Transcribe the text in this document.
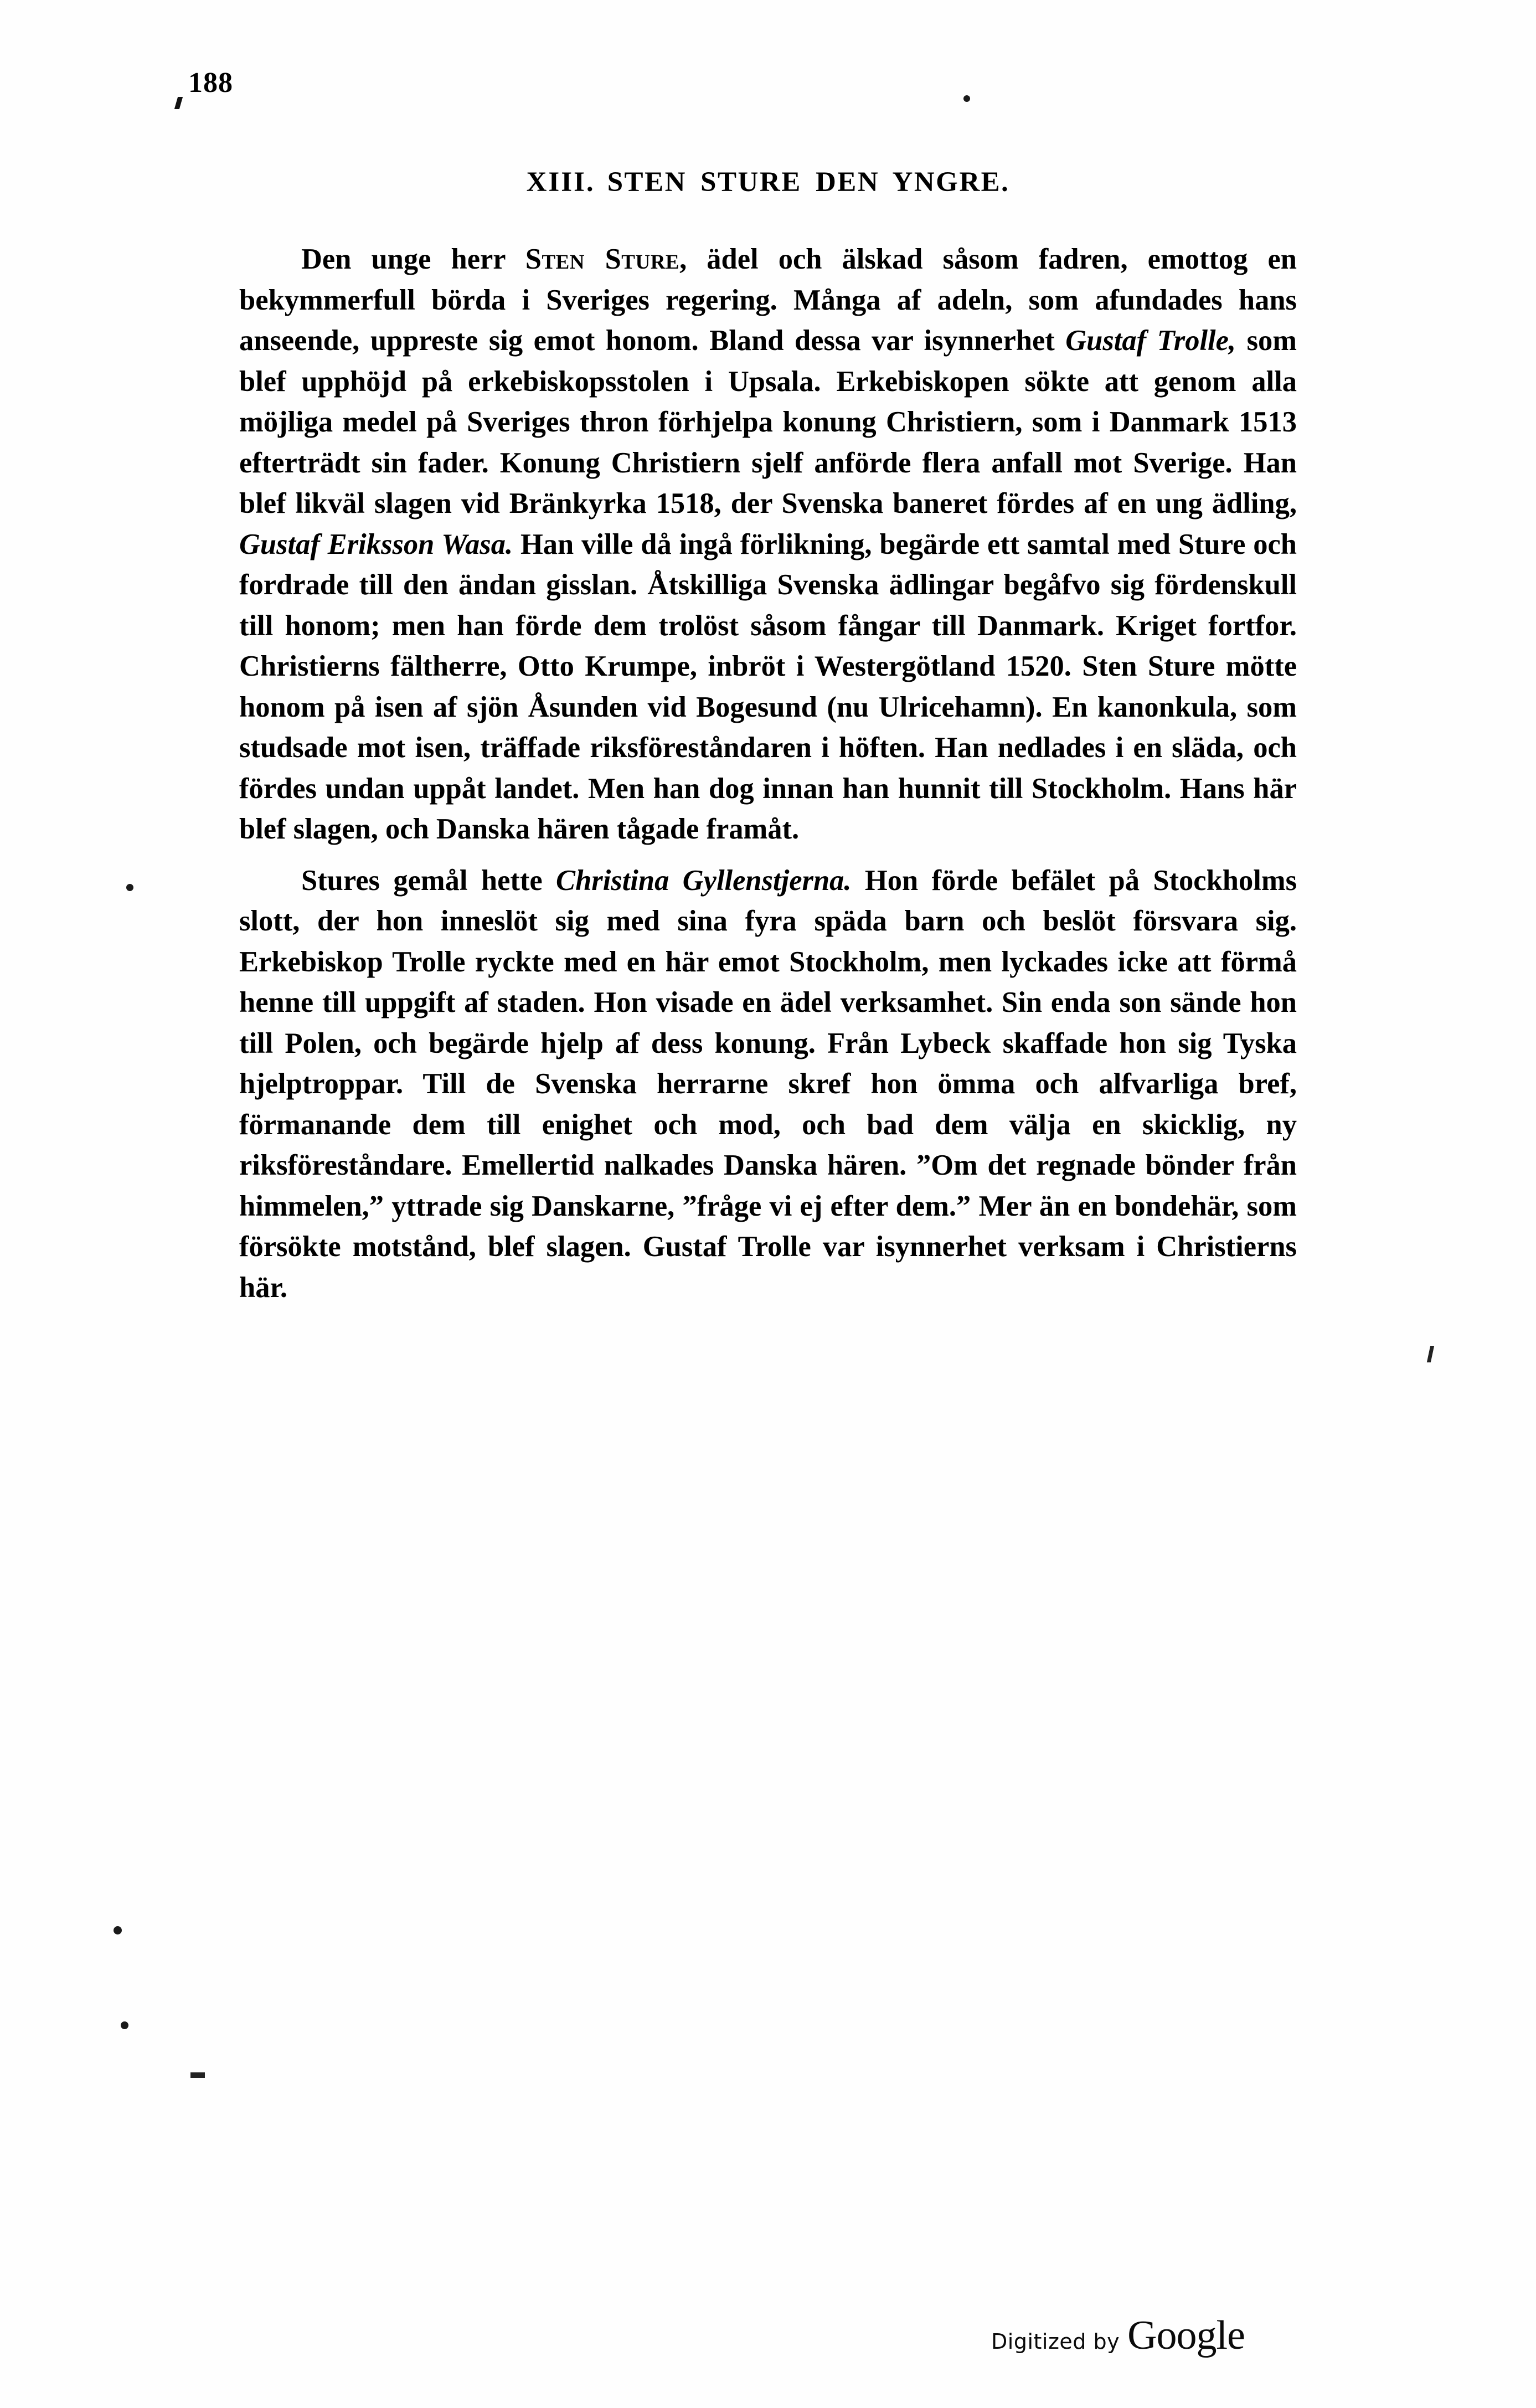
188
XIII. STEN STURE DEN YNGRE.

Den unge herr Sten Sture, ädel och älskad såsom fadren, emottog en bekymmerfull börda i Sveriges regering. Många af adeln, som afundades hans anseende, uppreste sig emot honom. Bland dessa var isynnerhet Gustaf Trolle, som blef upphöjd på erkebiskopsstolen i Upsala. Erkebiskopen sökte att genom alla möjliga medel på Sveriges thron förhjelpa konung Christiern, som i Danmark 1513 efterträdt sin fader. Konung Christiern sjelf anförde flera anfall mot Sverige. Han blef likväl slagen vid Bränkyrka 1518, der Svenska baneret fördes af en ung ädling, Gustaf Eriksson Wasa. Han ville då ingå förlikning, begärde ett samtal med Sture och fordrade till den ändan gisslan. Åtskilliga Svenska ädlingar begåfvo sig fördenskull till honom; men han förde dem trolöst såsom fångar till Danmark. Kriget fortfor. Christierns fältherre, Otto Krumpe, inbröt i Westergötland 1520. Sten Sture mötte honom på isen af sjön Åsunden vid Bogesund (nu Ulricehamn). En kanonkula, som studsade mot isen, träffade riksföreståndaren i höften. Han nedlades i en släda, och fördes undan uppåt landet. Men han dog innan han hunnit till Stockholm. Hans här blef slagen, och Danska hären tågade framåt.

Stures gemål hette Christina Gyllenstjerna. Hon förde befälet på Stockholms slott, der hon inneslöt sig med sina fyra späda barn och beslöt försvara sig. Erkebiskop Trolle ryckte med en här emot Stockholm, men lyckades icke att förmå henne till uppgift af staden. Hon visade en ädel verksamhet. Sin enda son sände hon till Polen, och begärde hjelp af dess konung. Från Lybeck skaffade hon sig Tyska hjelptroppar. Till de Svenska herrarne skref hon ömma och alfvarliga bref, förmanande dem till enighet och mod, och bad dem välja en skicklig, ny riksföreståndare. Emellertid nalkades Danska hären. ”Om det regnade bönder från himmelen,” yttrade sig Danskarne, ”fråge vi ej efter dem.” Mer än en bondehär, som försökte motstånd, blef slagen. Gustaf Trolle var isynnerhet verksam i Christierns här.

Digitized by Google
